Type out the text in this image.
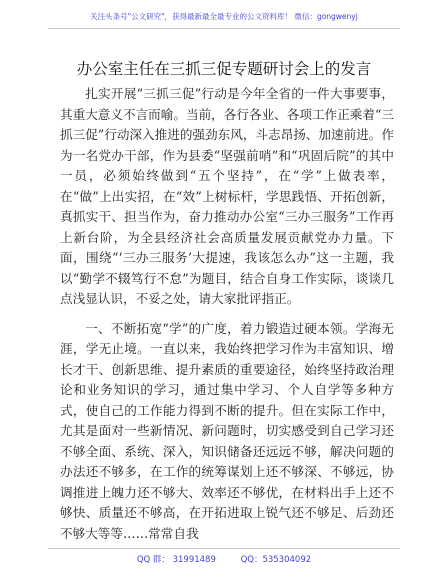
关注头条号"公文研究"，获得最新最全最专业的公文资料库！ 微信：gongwenyj
办公室主任在三抓三促专题研讨会上的发言

扎实开展“三抓三促”行动是今年全省的一件大事要事，其重大意义不言而喻。当前，各行各业、各项工作正乘着“三抓三促”行动深入推进的强劲东风，斗志昂扬、加速前进。作为一名党办干部，作为县委“坚强前哨”和“巩固后院”的其中一员，必须始终做到“五个坚持”，在“学”上做表率，在“做”上出实招，在“效”上树标杆，学思践悟、开拓创新，真抓实干、担当作为，奋力推动办公室“三办三服务”工作再上新台阶，为全县经济社会高质量发展贡献党办力量。下面，围绕“‘三办三服务’大提速，我该怎么办”这一主题，我以“勤学不辍笃行不怠”为题目，结合自身工作实际，谈谈几点浅显认识，不妥之处，请大家批评指正。

一、不断拓宽“学”的广度，着力锻造过硬本领。学海无涯，学无止境。一直以来，我始终把学习作为丰富知识、增长才干、创新思维、提升素质的重要途径，始终坚持政治理论和业务知识的学习，通过集中学习、个人自学等多种方式，使自己的工作能力得到不断的提升。但在实际工作中，尤其是面对一些新情况、新问题时，切实感受到自己学习还不够全面、系统、深入，知识储备还远远不够，解决问题的办法还不够多，在工作的统筹谋划上还不够深、不够远，协调推进上魄力还不够大、效率还不够优，在材料出手上还不够快、质量还不够高，在开拓进取上锐气还不够足、后劲还不够大等等……常常自我

QQ 群： 31991489	QQ：535304092
